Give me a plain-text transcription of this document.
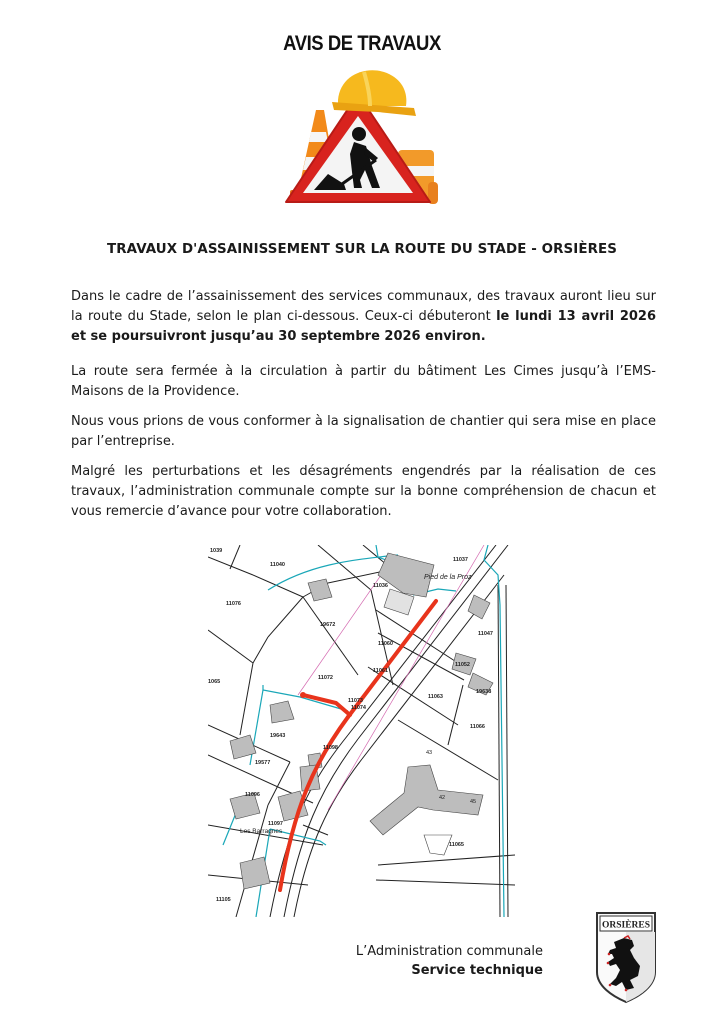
AVIS DE TRAVAUX
TRAVAUX D'ASSAINISSEMENT SUR LA ROUTE DU STADE - ORSIÈRES
Dans le cadre de l’assainissement des services communaux, des travaux auront lieu sur la route du Stade, selon le plan ci-dessous. Ceux-ci débuteront le lundi 13 avril 2026 et se poursuivront jusqu’au 30 septembre 2026 environ.
La route sera fermée à la circulation à partir du bâtiment Les Cimes jusqu’à l’EMS-Maisons de la Providence.
Nous vous prions de vous conformer à la signalisation de chantier qui sera mise en place par l’entreprise.
Malgré les perturbations et les désagréments engendrés par la réalisation de ces travaux, l’administration communale compte sur la bonne compréhension de chacun et vous remercie d’avance pour votre collaboration.
1039
11040
11037
11036
11076
19672
11047
11060
11052
1065
11072
11061
19638
11073
11074
11063
11066
19643
11098
19577
11096
11097
11065
11105
42
45
43
Pied de la Proz
Les Barragnes
L’Administration communale
Service technique
ORSIÈRES
